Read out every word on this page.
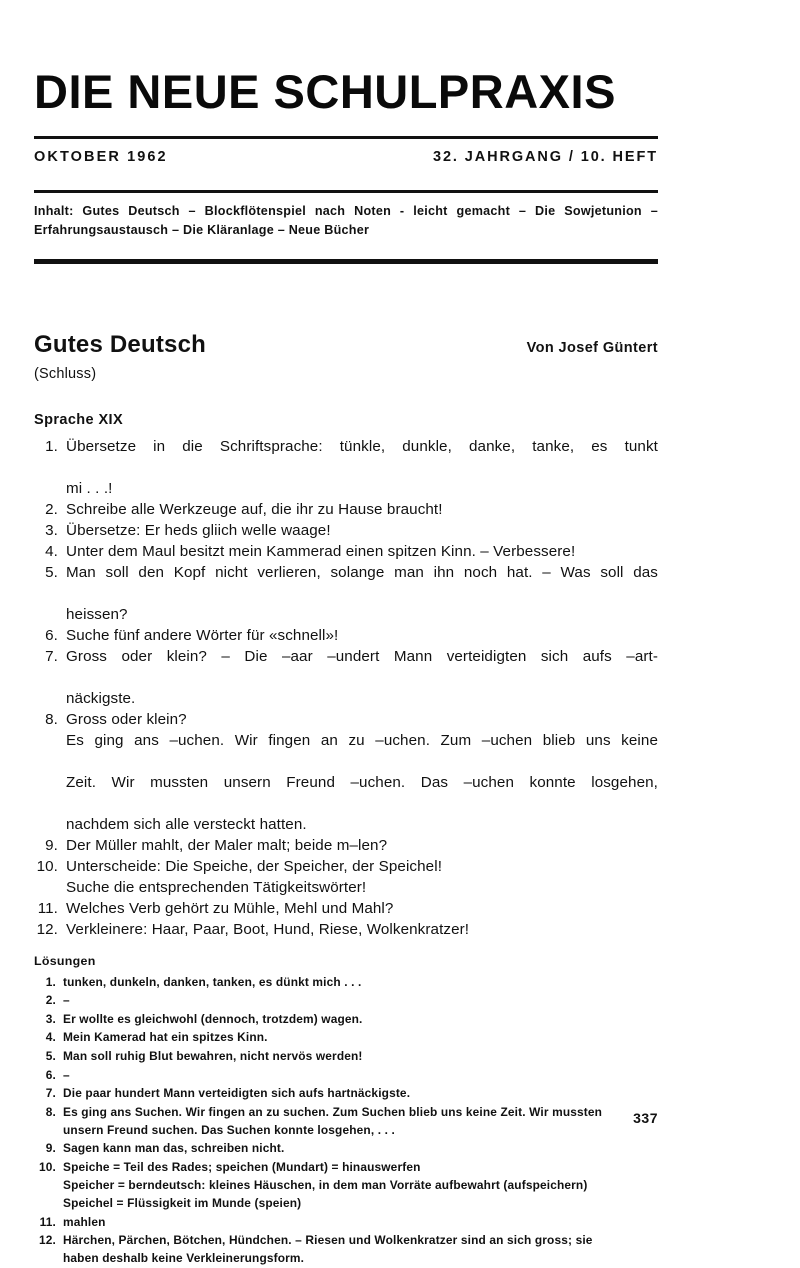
DIE NEUE SCHULPRAXIS
OKTOBER 1962	32. JAHRGANG / 10. HEFT
Inhalt: Gutes Deutsch – Blockflötenspiel nach Noten - leicht gemacht – Die Sowjetunion – Erfahrungsaustausch – Die Kläranlage – Neue Bücher
Gutes Deutsch	Von Josef Güntert
(Schluss)
Sprache XIX
1. Übersetze in die Schriftsprache: tünkle, dunkle, danke, tanke, es tunkt
mi . . .!
2. Schreibe alle Werkzeuge auf, die ihr zu Hause braucht!
3. Übersetze: Er heds gliich welle waage!
4. Unter dem Maul besitzt mein Kammerad einen spitzen Kinn. – Verbessere!
5. Man soll den Kopf nicht verlieren, solange man ihn noch hat. – Was soll das
heissen?
6. Suche fünf andere Wörter für «schnell»!
7. Gross oder klein? – Die –aar –undert Mann verteidigten sich aufs –art-
näckigste.
8. Gross oder klein?
Es ging ans –uchen. Wir fingen an zu –uchen. Zum –uchen blieb uns keine
Zeit. Wir mussten unsern Freund –uchen. Das –uchen konnte losgehen,
nachdem sich alle versteckt hatten.
9. Der Müller mahlt, der Maler malt; beide m–len?
10. Unterscheide: Die Speiche, der Speicher, der Speichel!
Suche die entsprechenden Tätigkeitswörter!
11. Welches Verb gehört zu Mühle, Mehl und Mahl?
12. Verkleinere: Haar, Paar, Boot, Hund, Riese, Wolkenkratzer!
Lösungen
1. tunken, dunkeln, danken, tanken, es dünkt mich . . .
2. –
3. Er wollte es gleichwohl (dennoch, trotzdem) wagen.
4. Mein Kamerad hat ein spitzes Kinn.
5. Man soll ruhig Blut bewahren, nicht nervös werden!
6. –
7. Die paar hundert Mann verteidigten sich aufs hartnäckigste.
8. Es ging ans Suchen. Wir fingen an zu suchen. Zum Suchen blieb uns keine Zeit. Wir mussten
unsern Freund suchen. Das Suchen konnte losgehen, . . .
9. Sagen kann man das, schreiben nicht.
10. Speiche = Teil des Rades; speichen (Mundart) = hinauswerfen
Speicher = berndeutsch: kleines Häuschen, in dem man Vorräte aufbewahrt (aufspeichern)
Speichel = Flüssigkeit im Munde (speien)
11. mahlen
12. Härchen, Pärchen, Bötchen, Hündchen. – Riesen und Wolkenkratzer sind an sich gross; sie
haben deshalb keine Verkleinerungsform.
337
